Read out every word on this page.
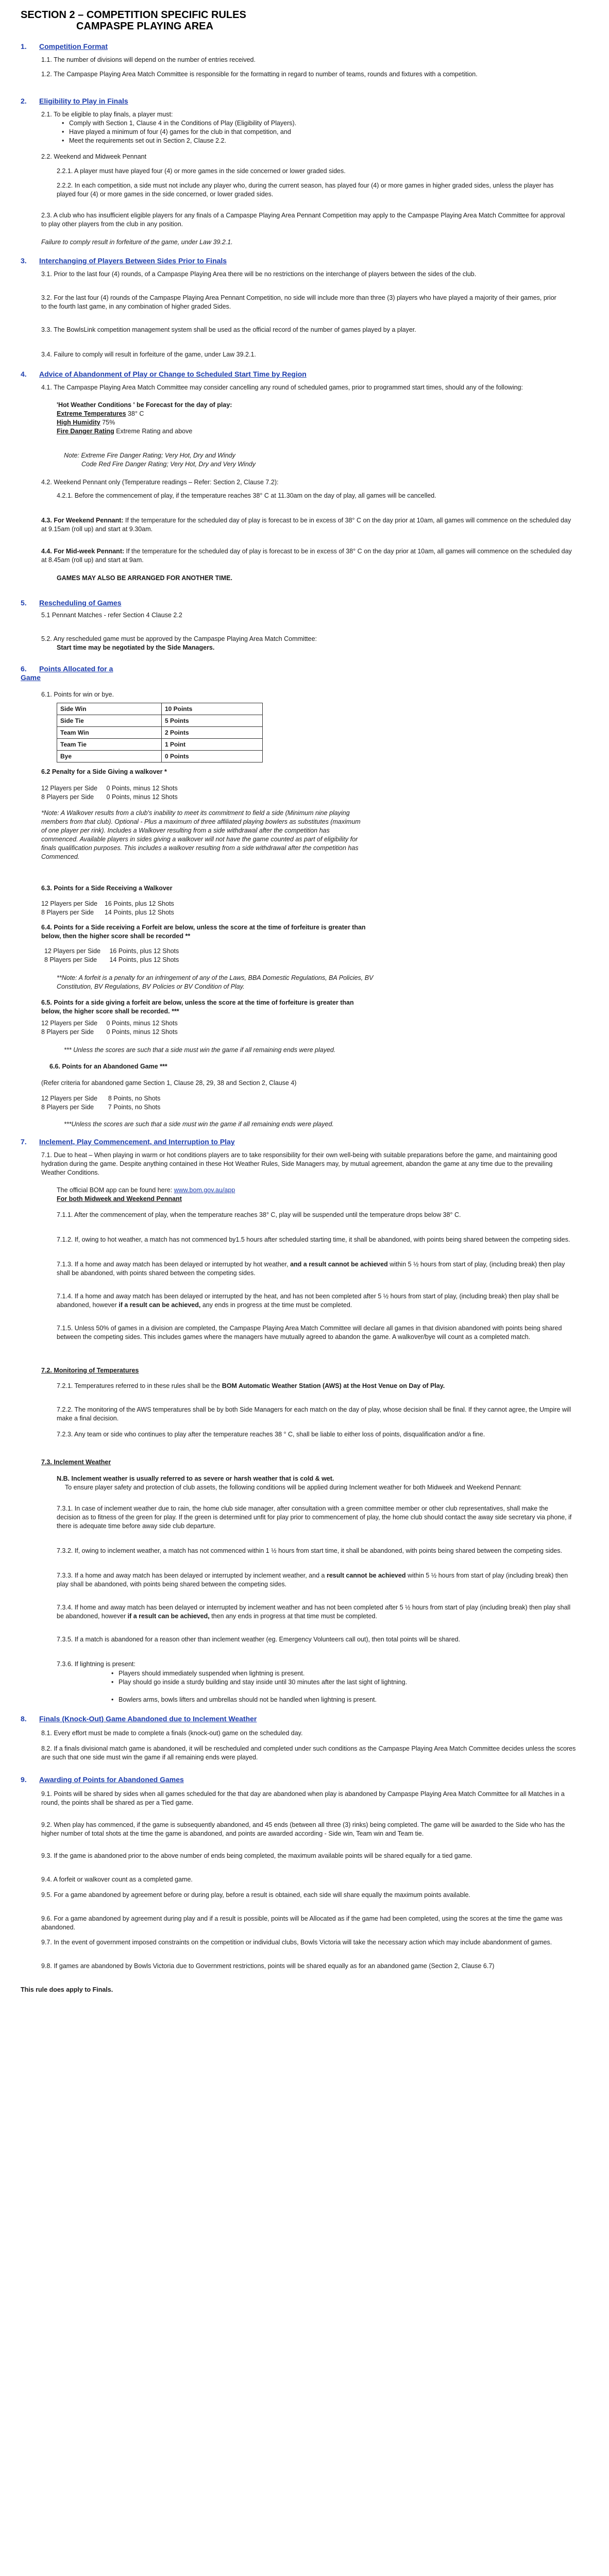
SECTION 2 – COMPETITION SPECIFIC RULES
CAMPASPE PLAYING AREA
1. Competition Format
1.1. The number of divisions will depend on the number of entries received.
1.2. The Campaspe Playing Area Match Committee is responsible for the formatting in regard to number of teams, rounds and fixtures with a competition.
2. Eligibility to Play in Finals
2.1. To be eligible to play finals, a player must:
• Comply with Section 1, Clause 4 in the Conditions of Play (Eligibility of Players).
• Have played a minimum of four (4) games for the club in that competition, and
• Meet the requirements set out in Section 2, Clause 2.2.
2.2. Weekend and Midweek Pennant
2.2.1. A player must have played four (4) or more games in the side concerned or lower graded sides.
2.2.2. In each competition, a side must not include any player who, during the current season, has played four (4) or more games in higher graded sides, unless the player has played four (4) or more games in the side concerned, or lower graded sides.
2.3. A club who has insufficient eligible players for any finals of a Campaspe Playing Area Pennant Competition may apply to the Campaspe Playing Area Match Committee for approval to play other players from the club in any position.
Failure to comply result in forfeiture of the game, under Law 39.2.1.
3. Interchanging of Players Between Sides Prior to Finals
3.1. Prior to the last four (4) rounds, of a Campaspe Playing Area there will be no restrictions on the interchange of players between the sides of the club.
3.2. For the last four (4) rounds of the Campaspe Playing Area Pennant Competition, no side will include more than three (3) players who have played a majority of their games, prior to the fourth last game, in any combination of higher graded Sides.
3.3. The BowlsLink competition management system shall be used as the official record of the number of games played by a player.
3.4. Failure to comply will result in forfeiture of the game, under Law 39.2.1.
4. Advice of Abandonment of Play or Change to Scheduled Start Time by Region
4.1. The Campaspe Playing Area Match Committee may consider cancelling any round of scheduled games, prior to programmed start times, should any of the following:
'Hot Weather Conditions ' be Forecast for the day of play:
Extreme Temperatures 38° C
High Humidity 75%
Fire Danger Rating Extreme Rating and above
Note: Extreme Fire Danger Rating; Very Hot, Dry and Windy
Code Red Fire Danger Rating; Very Hot, Dry and Very Windy
4.2. Weekend Pennant only (Temperature readings – Refer: Section 2, Clause 7.2):
4.2.1. Before the commencement of play, if the temperature reaches 38° C at 11.30am on the day of play, all games will be cancelled.
4.3. For Weekend Pennant: If the temperature for the scheduled day of play is forecast to be in excess of 38° C on the day prior at 10am, all games will commence on the scheduled day at 9.15am (roll up) and start at 9.30am.
4.4. For Mid-week Pennant: If the temperature for the scheduled day of play is forecast to be in excess of 38° C on the day prior at 10am, all games will commence on the scheduled day at 8.45am (roll up) and start at 9am.
GAMES MAY ALSO BE ARRANGED FOR ANOTHER TIME.
5. Rescheduling of Games
5.1 Pennant Matches - refer Section 4 Clause 2.2
5.2. Any rescheduled game must be approved by the Campaspe Playing Area Match Committee:
Start time may be negotiated by the Side Managers.
6. Points Allocated for a
Game
6.1. Points for win or bye.
Side Win	10 Points
Side Tie	5 Points
Team Win	2 Points
Team Tie	1 Point
Bye	0 Points
6.2 Penalty for a Side Giving a walkover *
12 Players per Side     0 Points, minus 12 Shots
8 Players per Side       0 Points, minus 12 Shots
*Note: A Walkover results from a club's inability to meet its commitment to field a side (Minimum nine playing members from that club). Optional - Plus a maximum of three affiliated playing bowlers as substitutes (maximum of one player per rink). Includes a Walkover resulting from a side withdrawal after the competition has commenced. Available players in sides giving a walkover will not have the game counted as part of eligibility for finals qualification purposes. This includes a walkover resulting from a side withdrawal after the competition has Commenced.
6.3. Points for a Side Receiving a Walkover
12 Players per Side    16 Points, plus 12 Shots
8 Players per Side      14 Points, plus 12 Shots
6.4. Points for a Side receiving a Forfeit are below, unless the score at the time of forfeiture is greater than below, then the higher score shall be recorded **
12 Players per Side     16 Points, plus 12 Shots
8 Players per Side       14 Points, plus 12 Shots
**Note: A forfeit is a penalty for an infringement of any of the Laws, BBA Domestic Regulations, BA Policies, BV Constitution, BV Regulations, BV Policies or BV Condition of Play.
6.5. Points for a side giving a forfeit are below, unless the score at the time of forfeiture is greater than below, the higher score shall be recorded. ***
12 Players per Side     0 Points, minus 12 Shots
8 Players per Side       0 Points, minus 12 Shots
*** Unless the scores are such that a side must win the game if all remaining ends were played.
6.6. Points for an Abandoned Game ***
(Refer criteria for abandoned game Section 1, Clause 28, 29, 38 and Section 2, Clause 4)
12 Players per Side      8 Points, no Shots
8 Players per Side        7 Points, no Shots
***Unless the scores are such that a side must win the game if all remaining ends were played.
7. Inclement, Play Commencement, and Interruption to Play
7.1. Due to heat – When playing in warm or hot conditions players are to take responsibility for their own well-being with suitable preparations before the game, and maintaining good hydration during the game. Despite anything contained in these Hot Weather Rules, Side Managers may, by mutual agreement, abandon the game at any time due to the prevailing Weather Conditions.
The official BOM app can be found here: www.bom.gov.au/app
For both Midweek and Weekend Pennant
7.1.1. After the commencement of play, when the temperature reaches 38° C, play will be suspended until the temperature drops below 38° C.
7.1.2. If, owing to hot weather, a match has not commenced by1.5 hours after scheduled starting time, it shall be abandoned, with points being shared between the competing sides.
7.1.3. If a home and away match has been delayed or interrupted by hot weather, and a result cannot be achieved within 5 ½ hours from start of play, (including break) then play shall be abandoned, with points shared between the competing sides.
7.1.4. If a home and away match has been delayed or interrupted by the heat, and has not been completed after 5 ½ hours from start of play, (including break) then play shall be abandoned, however if a result can be achieved, any ends in progress at the time must be completed.
7.1.5. Unless 50% of games in a division are completed, the Campaspe Playing Area Match Committee will declare all games in that division abandoned with points being shared between the competing sides. This includes games where the managers have mutually agreed to abandon the game. A walkover/bye will count as a completed match.
7.2. Monitoring of Temperatures
7.2.1. Temperatures referred to in these rules shall be the BOM Automatic Weather Station (AWS) at the Host Venue on Day of Play.
7.2.2. The monitoring of the AWS temperatures shall be by both Side Managers for each match on the day of play, whose decision shall be final. If they cannot agree, the Umpire will make a final decision.
7.2.3. Any team or side who continues to play after the temperature reaches 38 ° C, shall be liable to either loss of points, disqualification and/or a fine.
7.3. Inclement Weather
N.B. Inclement weather is usually referred to as severe or harsh weather that is cold & wet.
To ensure player safety and protection of club assets, the following conditions will be applied during Inclement weather for both Midweek and Weekend Pennant:
7.3.1. In case of inclement weather due to rain, the home club side manager, after consultation with a green committee member or other club representatives, shall make the decision as to fitness of the green for play. If the green is determined unfit for play prior to commencement of play, the home club should contact the away side secretary via phone, if there is adequate time before away side club departure.
7.3.2. If, owing to inclement weather, a match has not commenced within 1 ½ hours from start time, it shall be abandoned, with points being shared between the competing sides.
7.3.3. If a home and away match has been delayed or interrupted by inclement weather, and a result cannot be achieved within 5 ½ hours from start of play (including break) then play shall be abandoned, with points being shared between the competing sides.
7.3.4. If home and away match has been delayed or interrupted by inclement weather and has not been completed after 5 ½ hours from start of play (including break) then play shall be abandoned, however if a result can be achieved, then any ends in progress at that time must be completed.
7.3.5. If a match is abandoned for a reason other than inclement weather (eg. Emergency Volunteers call out), then total points will be shared.
7.3.6. If lightning is present:
• Players should immediately suspended when lightning is present.
• Play should go inside a sturdy building and stay inside until 30 minutes after the last sight of lightning.
• Bowlers arms, bowls lifters and umbrellas should not be handled when lightning is present.
8. Finals (Knock-Out) Game Abandoned due to Inclement Weather
8.1. Every effort must be made to complete a finals (knock-out) game on the scheduled day.
8.2. If a finals divisional match game is abandoned, it will be rescheduled and completed under such conditions as the Campaspe Playing Area Match Committee decides unless the scores are such that one side must win the game if all remaining ends were played.
9. Awarding of Points for Abandoned Games
9.1. Points will be shared by sides when all games scheduled for the that day are abandoned when play is abandoned by Campaspe Playing Area Match Committee for all Matches in a round, the points shall be shared as per a Tied game.
9.2. When play has commenced, if the game is subsequently abandoned, and 45 ends (between all three (3) rinks) being completed. The game will be awarded to the Side who has the higher number of total shots at the time the game is abandoned, and points are awarded according - Side win, Team win and Team tie.
9.3. If the game is abandoned prior to the above number of ends being completed, the maximum available points will be shared equally for a tied game.
9.4. A forfeit or walkover count as a completed game.
9.5. For a game abandoned by agreement before or during play, before a result is obtained, each side will share equally the maximum points available.
9.6. For a game abandoned by agreement during play and if a result is possible, points will be Allocated as if the game had been completed, using the scores at the time the game was abandoned.
9.7. In the event of government imposed constraints on the competition or individual clubs, Bowls Victoria will take the necessary action which may include abandonment of games.
9.8. If games are abandoned by Bowls Victoria due to Government restrictions, points will be shared equally as for an abandoned game (Section 2, Clause 6.7)
This rule does apply to Finals.
